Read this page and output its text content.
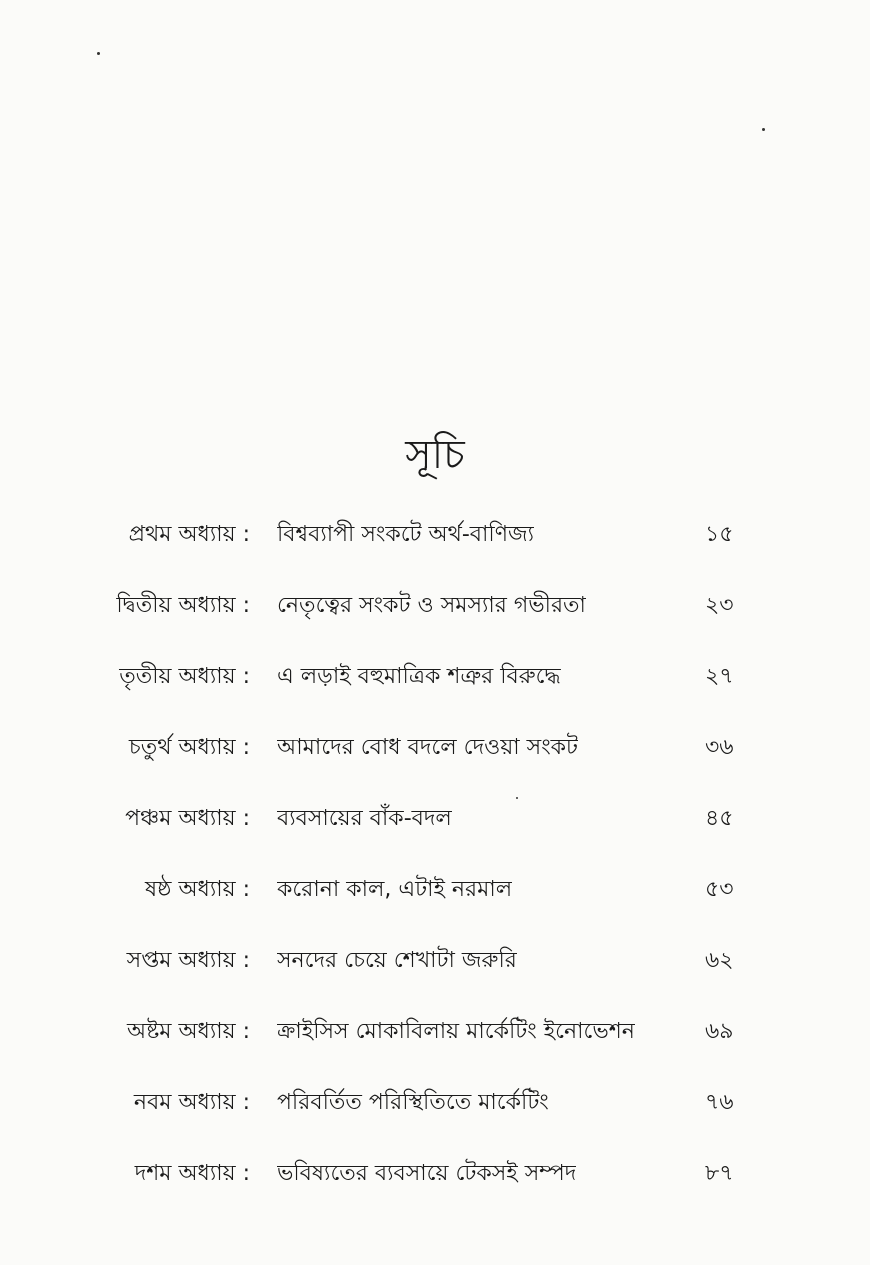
সূচি
প্রথম অধ্যায় : বিশ্বব্যাপী সংকটে অর্থ-বাণিজ্য	১৫
দ্বিতীয় অধ্যায় : নেতৃত্বের সংকট ও সমস্যার গভীরতা	২৩
তৃতীয় অধ্যায় : এ লড়াই বহুমাত্রিক শত্রুর বিরুদ্ধে	২৭
চতুর্থ অধ্যায় : আমাদের বোধ বদলে দেওয়া সংকট	৩৬
পঞ্চম অধ্যায় : ব্যবসায়ের বাঁক-বদল	৪৫
ষষ্ঠ অধ্যায় : করোনা কাল, এটাই নরমাল	৫৩
সপ্তম অধ্যায় : সনদের চেয়ে শেখাটা জরুরি	৬২
অষ্টম অধ্যায় : ক্রাইসিস মোকাবিলায় মার্কেটিং ইনোভেশন	৬৯
নবম অধ্যায় : পরিবর্তিত পরিস্থিতিতে মার্কেটিং	৭৬
দশম অধ্যায় : ভবিষ্যতের ব্যবসায়ে টেকসই সম্পদ	৮৭
